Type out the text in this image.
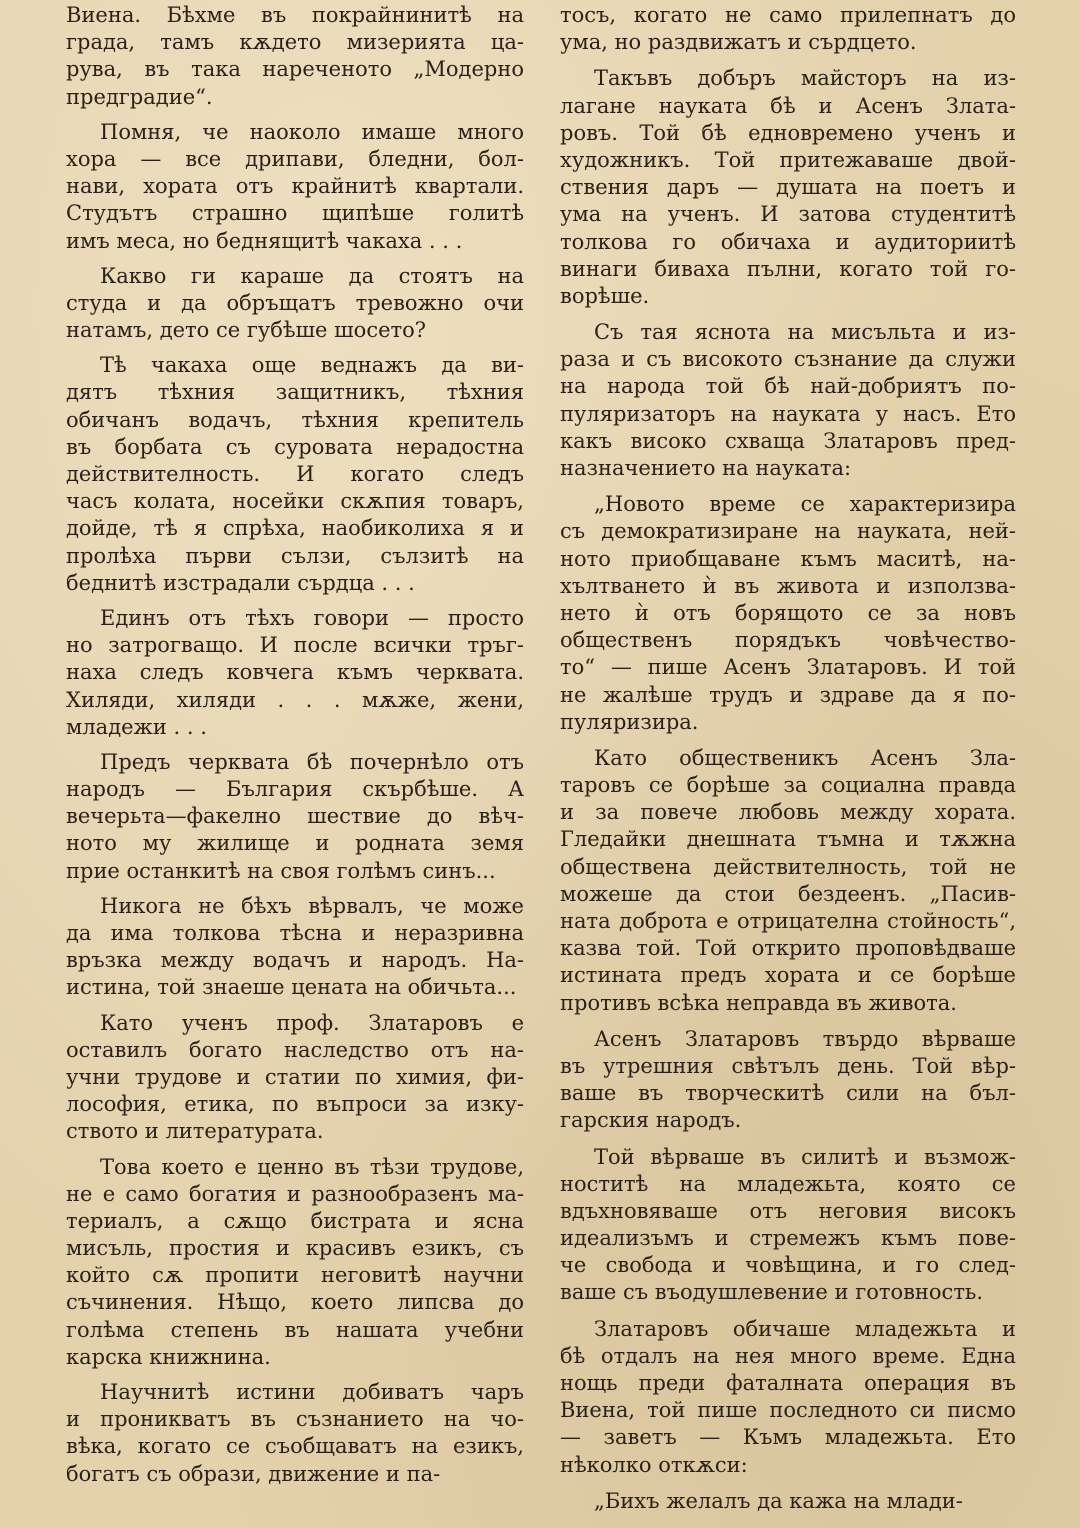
Виена. Бѣхме въ покрайнинитѣ на
града, тамъ кѫдето мизерията ца-
рува, въ така нареченото „Модерно
предградие“.
Помня, че наоколо имаше много
хора — все дрипави, бледни, бол-
нави, хората отъ крайнитѣ квартали.
Студътъ страшно щипѣше голитѣ
имъ меса, но беднящитѣ чакаха . . .
Какво ги караше да стоятъ на
студа и да обръщатъ тревожно очи
натамъ, дето се губѣше шосето?
Тѣ чакаха още веднажъ да ви-
дятъ тѣхния защитникъ, тѣхния
обичанъ водачъ, тѣхния крепитель
въ борбата съ суровата нерадостна
действителность. И когато следъ
часъ колата, носейки скѫпия товаръ,
дойде, тѣ я спрѣха, наобиколиха я и
пролѣха първи сълзи, сълзитѣ на
беднитѣ изстрадали сърдца . . .
Единъ отъ тѣхъ говори — просто
но затрогващо. И после всички тръг-
наха следъ ковчега къмъ черквата.
Хиляди, хиляди . . . мѫже, жени,
младежи . . .
Предъ черквата бѣ почернѣло отъ
народъ — България скърбѣше. А
вечерьта—факелно шествие до вѣч-
ното му жилище и родната земя
прие останкитѣ на своя голѣмъ синъ...
Никога не бѣхъ вѣрвалъ, че може
да има толкова тѣсна и неразривна
връзка между водачъ и народъ. На-
истина, той знаеше цената на обичьта...
Като ученъ проф. Златаровъ е
оставилъ богато наследство отъ на-
учни трудове и статии по химия, фи-
лософия, етика, по въпроси за изку-
ството и литературата.
Това което е ценно въ тѣзи трудове,
не е само богатия и разнообразенъ ма-
териалъ, а сѫщо бистрата и ясна
мисъль, простия и красивъ езикъ, съ
който сѫ пропити неговитѣ научни
съчинения. Нѣщо, което липсва до
голѣма степень въ нашата учебни
карска книжнина.
Научнитѣ истини добиватъ чаръ
и проникватъ въ съзнанието на чо-
вѣка, когато се съобщаватъ на езикъ,
богатъ съ образи, движение и па-
тосъ, когато не само прилепнатъ до
ума, но раздвижатъ и сърдцето.
Такъвъ добъръ майсторъ на из-
лагане науката бѣ и Асенъ Злата-
ровъ. Той бѣ едновремено ученъ и
художникъ. Той притежаваше двой-
ствения даръ — душата на поетъ и
ума на ученъ. И затова студентитѣ
толкова го обичаха и аудиториитѣ
винаги биваха пълни, когато той го-
ворѣше.
Съ тая яснота на мисъльта и из-
раза и съ високото съзнание да служи
на народа той бѣ най-добриятъ по-
пуляризаторъ на науката у насъ. Ето
какъ високо схваща Златаровъ пред-
назначението на науката:
„Новото време се характеризира
съ демократизиране на науката, ней-
ното приобщаване къмъ маситѣ, на-
хълтването ѝ въ живота и използва-
нето ѝ отъ борящото се за новъ
общественъ порядъкъ човѣчество-
то“ — пише Асенъ Златаровъ. И той
не жалѣше трудъ и здраве да я по-
пуляризира.
Като общественикъ Асенъ Зла-
таровъ се борѣше за социална правда
и за повече любовь между хората.
Гледайки днешната тъмна и тѫжна
обществена действителность, той не
можеше да стои бездеенъ. „Пасив-
ната доброта е отрицателна стойность“,
казва той. Той открито проповѣдваше
истината предъ хората и се борѣше
противъ всѣка неправда въ живота.
Асенъ Златаровъ твърдо вѣрваше
въ утрешния свѣтълъ день. Той вѣр-
ваше въ творческитѣ сили на бъл-
гарския народъ.
Той вѣрваше въ силитѣ и възмож-
ноститѣ на младежьта, която се
вдъхновяваше отъ неговия високъ
идеализъмъ и стремежъ къмъ пове-
че свобода и човѣщина, и го след-
ваше съ въодушлевение и готовность.
Златаровъ обичаше младежьта и
бѣ отдалъ на нея много време. Една
нощь преди фаталната операция въ
Виена, той пише последното си писмо
— заветъ — Къмъ младежьта. Ето
нѣколко откѫси:
„Бихъ желалъ да кажа на млади-
